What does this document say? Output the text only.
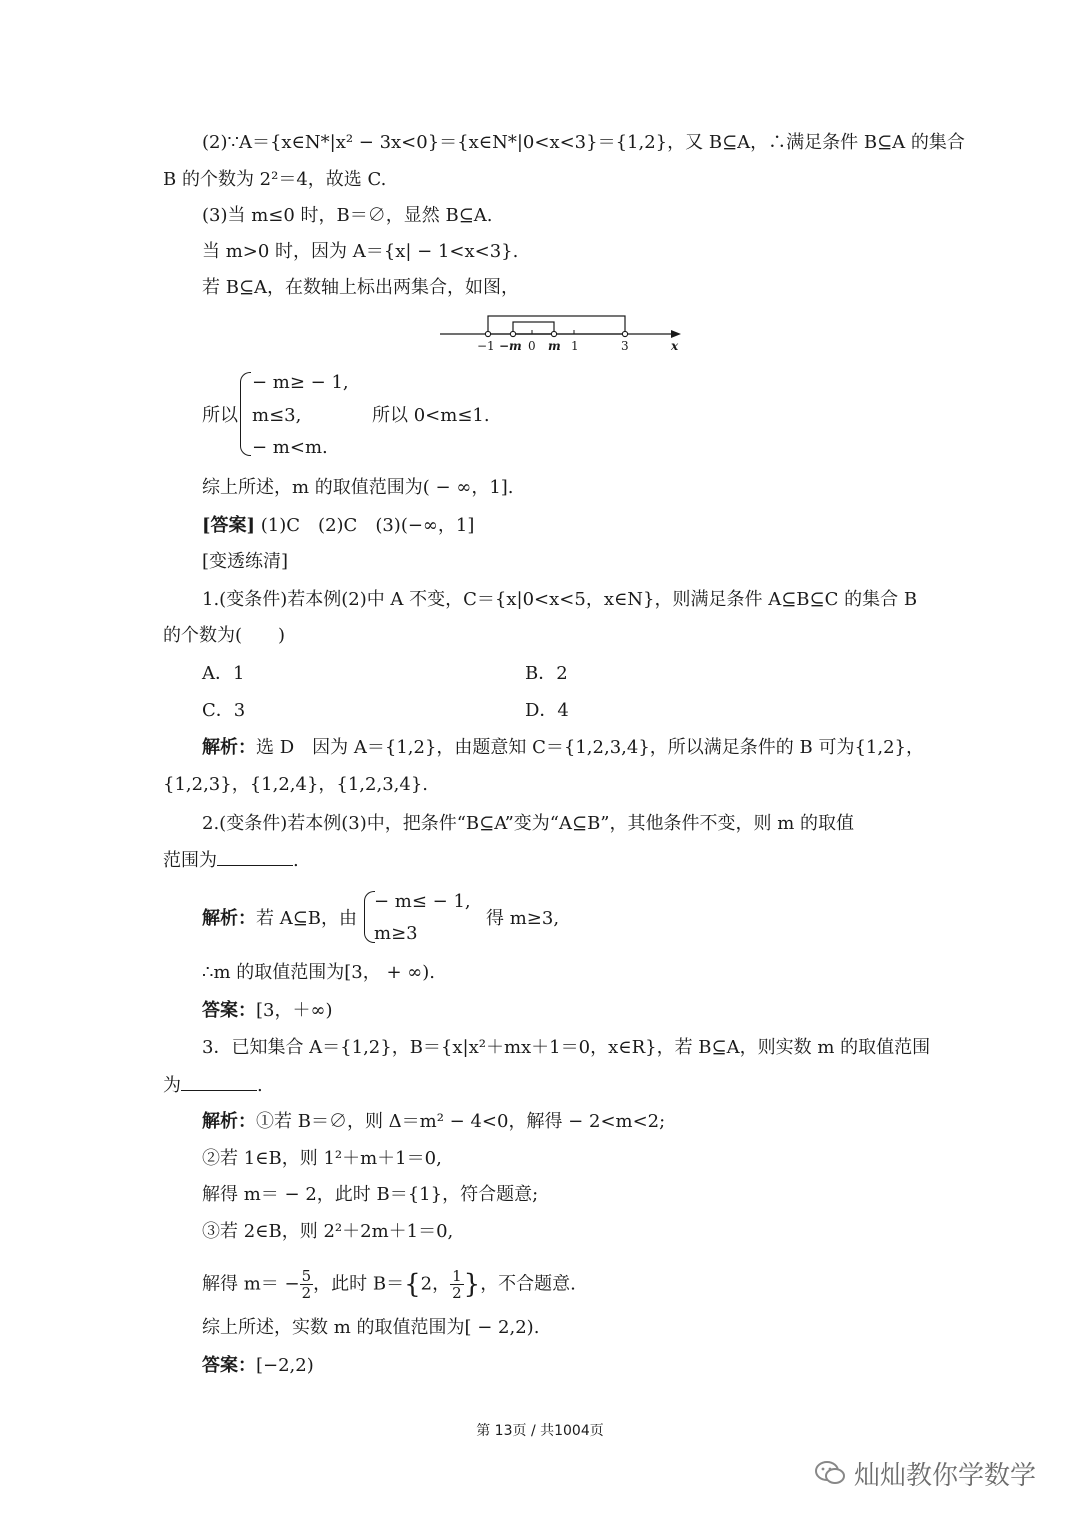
(2)∵A＝{x∈N*|x² − 3x<0}＝{x∈N*|0<x<3}＝{1,2}，又 B⊆A，∴满足条件 B⊆A 的集合
B 的个数为 2²＝4，故选 C.
(3)当 m≤0 时，B＝∅，显然 B⊆A.
当 m>0 时，因为 A＝{x| − 1<x<3}.
若 B⊆A，在数轴上标出两集合，如图，
−1 −m 0 m 1	3	x
所以
− m≥ − 1,
m≤3,
− m<m.
所以 0<m≤1.
综上所述，m 的取值范围为( − ∞，1].
[答案] (1)C　(2)C　(3)(−∞，1]
[变透练清]
1.(变条件)若本例(2)中 A 不变，C＝{x|0<x<5，x∈N}，则满足条件 A⊆B⊆C 的集合 B
的个数为(　　)
A．1	B．2
C．3	D．4
解析：选 D　因为 A＝{1,2}，由题意知 C＝{1,2,3,4}，所以满足条件的 B 可为{1,2}，
{1,2,3}，{1,2,4}，{1,2,3,4}.
2.(变条件)若本例(3)中，把条件“B⊆A”变为“A⊆B”，其他条件不变，则 m 的取值
范围为	.
解析：若 A⊆B，由
− m≤ − 1,
m≥3
得 m≥3,
∴m 的取值范围为[3， + ∞).
答案：[3，＋∞)
3．已知集合 A＝{1,2}，B＝{x|x²＋mx＋1＝0，x∈R}，若 B⊆A，则实数 m 的取值范围
为	.
解析：①若 B＝∅，则 Δ＝m² − 4<0，解得 − 2<m<2;
②若 1∈B，则 1²＋m＋1＝0,
解得 m＝ − 2，此时 B＝{1}，符合题意;
③若 2∈B，则 2²＋2m＋1＝0,
解得 $m= - \frac{5}{2}$ ，此时 B＝{2， $\frac{1}{2}$ }，不合题意.
综上所述，实数 m 的取值范围为[ − 2,2).
答案：[−2,2)
第 13页 / 共1004页
灿灿教你学数学
